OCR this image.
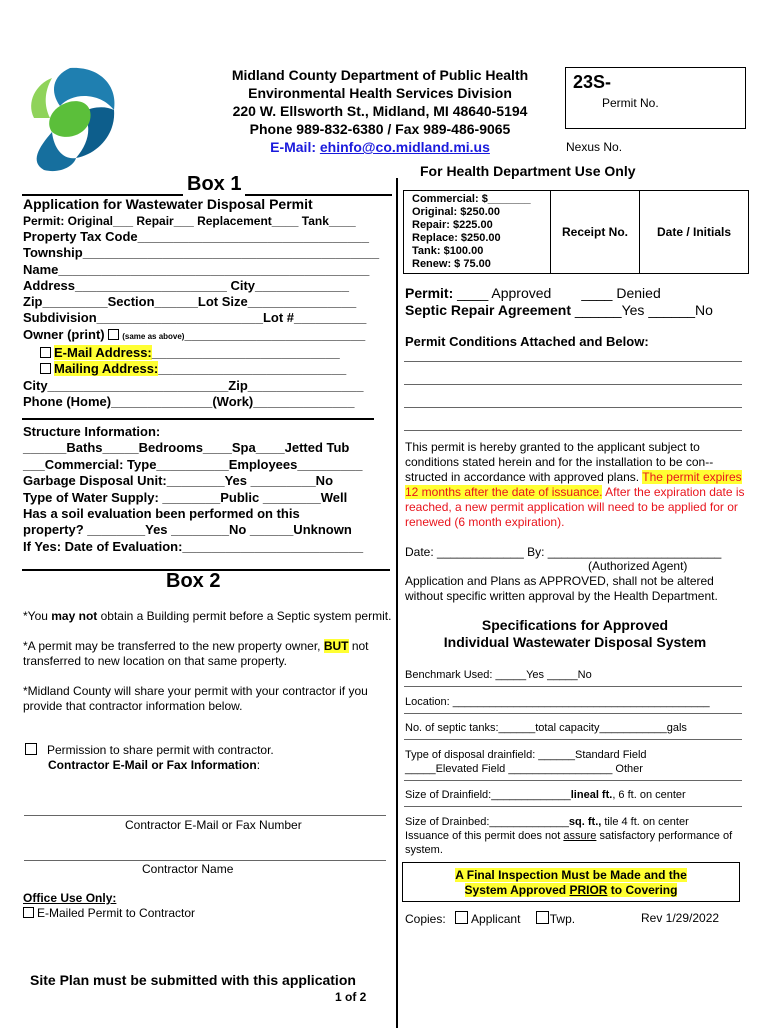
Midland County Department of Public Health
Environmental Health Services Division
220 W. Ellsworth St., Midland, MI 48640-5194
Phone 989-832-6380 / Fax 989-486-9065
E-Mail: ehinfo@co.midland.mi.us
23S-
Permit No.
Nexus No.
Box 1
Application for Wastewater Disposal Permit
Permit: Original___ Repair___ Replacement____ Tank____
Property Tax Code________________________________
Township_________________________________________
Name___________________________________________
Address_____________________ City_____________
Zip_________Section______Lot Size_______________
Subdivision_______________________Lot #__________
Owner (print) (same as above)_________________________
E-Mail Address:__________________________
Mailing Address:__________________________
City_________________________Zip________________
Phone (Home)______________(Work)______________
Structure Information:
______Baths_____Bedrooms____Spa____Jetted Tub
___Commercial: Type__________Employees_________
Garbage Disposal Unit:________Yes _________No
Type of Water Supply: ________Public ________Well
Has a soil evaluation been performed on this
property? ________Yes ________No ______Unknown
If Yes: Date of Evaluation:_________________________
Box 2
*You may not obtain a Building permit before a Septic system permit.
*A permit may be transferred to the new property owner, BUT not transferred to new location on that same property.
*Midland County will share your permit with your contractor if you provide that contractor information below.
Permission to share permit with contractor.
Contractor E-Mail or Fax Information:
Contractor E-Mail or Fax Number
Contractor Name
Office Use Only:
E-Mailed Permit to Contractor
Site Plan must be submitted with this application
1 of 2
For Health Department Use Only
Commercial: $_______
Original: $250.00
Repair: $225.00
Replace: $250.00
Tank: $100.00
Renew: $ 75.00
	Receipt No.	Date / Initials
Permit: ____ Approved ____ Denied
Septic Repair Agreement ______Yes ______No
Permit Conditions Attached and Below:
This permit is hereby granted to the applicant subject to conditions stated herein and for the installation to be con-- structed in accordance with approved plans. The permit expires 12 months after the date of issuance. After the expiration date is reached, a new permit application will need to be applied for or renewed (6 month expiration).
Date: _____________ By: __________________________
(Authorized Agent)
Application and Plans as APPROVED, shall not be altered without specific written approval by the Health Department.
Specifications for Approved
Individual Wastewater Disposal System
Benchmark Used: _____Yes _____No
Location: __________________________________________
No. of septic tanks:______total capacity___________gals
Type of disposal drainfield: ______Standard Field
_____Elevated Field _________________ Other
Size of Drainfield:_____________lineal ft., 6 ft. on center
Size of Drainbed:_____________sq. ft., tile 4 ft. on center
Issuance of this permit does not assure satisfactory performance of system.
A Final Inspection Must be Made and the
System Approved PRIOR to Covering
Copies: Applicant Twp.	Rev 1/29/2022
